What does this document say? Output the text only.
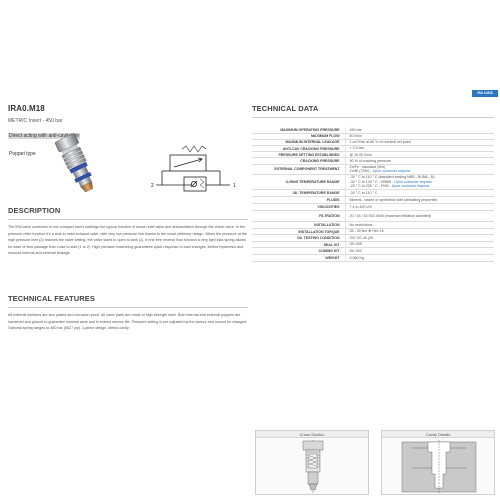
IRA 0.M18
IRA0.M18
METRIC Insert - 450 bar
Direct acting with anti-cavitation
Poppet type
2	1
DESCRIPTION
The IRA valve combines in one compact insert cartridge the typical function of shock relief valve and anticavitation through the check valve. In the pressure relief function it's a side-in nose-exhaust valve, with very low pressure rise thanks to the smart deflector design. When the pressure at the high pressure inlet (2) reaches the valve setting, the valve starts to open to tank (1). In the free reverse flow function a very light bias spring allows for ease of flow passage from nose to side (1 to 2). High precision machining guarantees quick response to load changes, limited hysteresis and reduced internal and external leakage.
TECHNICAL FEATURES
All external surfaces are zinc plated and corrosion-proof. All valve parts are made of high strength steel. Both internal and external poppets are hardened and ground to guarantee minimal wear and to extend service life. Pressure setting is pre-adjusted by the factory and cannot be changed. Optional spring ranges to 450 bar (6527 psi). 1-piece design. Metric cavity.
TECHNICAL DATA
MAXIMUM OPERATING PRESSURE	450 bar

MAXIMUM FLOW	60 l/min

MAXIMUM INTERNAL LEAKAGE	1 cm³/min at 80 % of nominal set point

ANTI-CAV CRACKING PRESSURE	< 0,5 bar

PRESSURE SETTING ESTABLISHED	@ 10.00 l/min

CRACKING PRESSURE	90 % of cracking pressure

EXTERNAL COMPONENT TREATMENT	Zn/Fe - standard (9ch)
Zn/Ni (720h) - Upon customer request

O-RING TEMPERATURE RANGE	-30 ° C to 110 ° C (standard sealing NBR - BUNA - N)
-30 ° C to 140 ° C - HNBR - Upon customer request
-20 ° C to 225 ° C - FKM - Upon customer request

OIL TEMPERATURE RANGE	-30 ° C to 110 ° C

FLUIDS	Mineral - based or synthetics with lubricating properties

VISCOSITIES	7,4 to 420 cSt

FILTRATION	20 / 18 / 15 ISO 4406 (maximum filtration admitted)

INSTALLATION	No restrictions

INSTALLATION TORQUE	35 - 40 Nm ✠ Hex 16

OIL TESTING CONDITION	ISO VG 46 (40

SEAL KIT	GK.005

COMING KIT	GK.002

WEIGHT	0,060 Kg
Cross Section	Cavity Details
